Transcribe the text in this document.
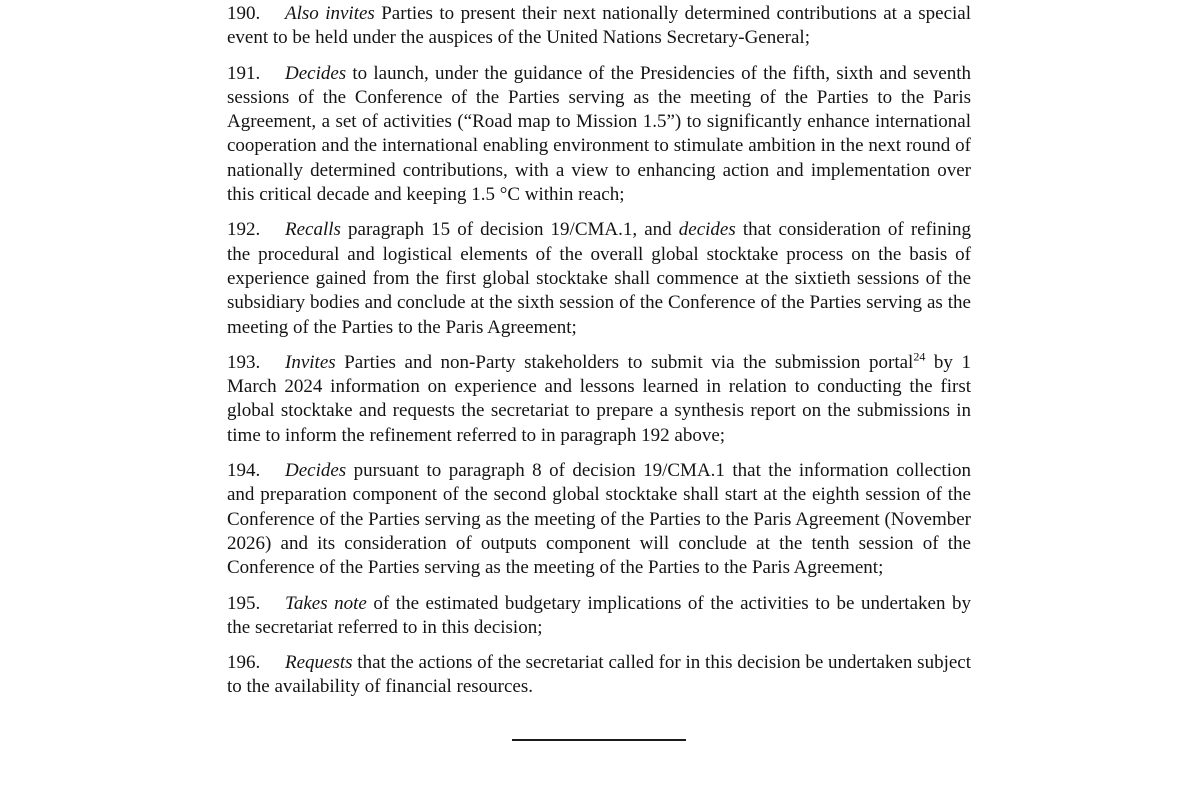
190. Also invites Parties to present their next nationally determined contributions at a special event to be held under the auspices of the United Nations Secretary-General;

191. Decides to launch, under the guidance of the Presidencies of the fifth, sixth and seventh sessions of the Conference of the Parties serving as the meeting of the Parties to the Paris Agreement, a set of activities (“Road map to Mission 1.5”) to significantly enhance international cooperation and the international enabling environment to stimulate ambition in the next round of nationally determined contributions, with a view to enhancing action and implementation over this critical decade and keeping 1.5 °C within reach;

192. Recalls paragraph 15 of decision 19/CMA.1, and decides that consideration of refining the procedural and logistical elements of the overall global stocktake process on the basis of experience gained from the first global stocktake shall commence at the sixtieth sessions of the subsidiary bodies and conclude at the sixth session of the Conference of the Parties serving as the meeting of the Parties to the Paris Agreement;

193. Invites Parties and non-Party stakeholders to submit via the submission portal$^{24}$ by 1 March 2024 information on experience and lessons learned in relation to conducting the first global stocktake and requests the secretariat to prepare a synthesis report on the submissions in time to inform the refinement referred to in paragraph 192 above;

194. Decides pursuant to paragraph 8 of decision 19/CMA.1 that the information collection and preparation component of the second global stocktake shall start at the eighth session of the Conference of the Parties serving as the meeting of the Parties to the Paris Agreement (November 2026) and its consideration of outputs component will conclude at the tenth session of the Conference of the Parties serving as the meeting of the Parties to the Paris Agreement;

195. Takes note of the estimated budgetary implications of the activities to be undertaken by the secretariat referred to in this decision;

196. Requests that the actions of the secretariat called for in this decision be undertaken subject to the availability of financial resources.
